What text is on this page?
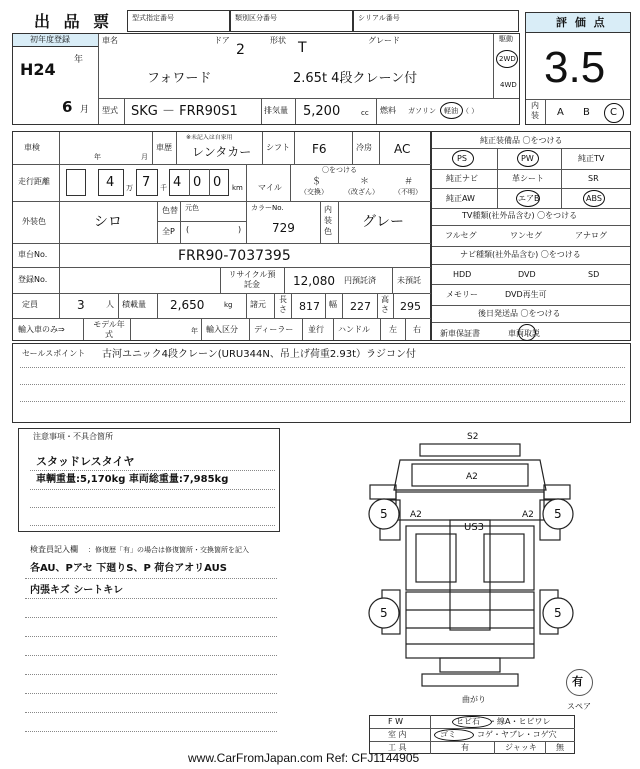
出 品 票	型式指定番号	類別区分番号	シリアル番号	評 価 点
3.5
内装 A B C
初年度登録
H24 年
6 月
車名	ドア
2
形状 T	グレード
フォワード	2.65t 4段クレーン付
駆動
2WD
4WD
型式 SKG － FRR90S1	排気量 5,200	cc 燃料 ガソリン 軽油 （ ）
車検
年	月
車歴
※未記入は自家用
レンタカー シフト F6	冷房 AC
走行距離	4 万 7 千 4 0 0 km マイル
〇をつける
＄	＊	＃
（交換） （改ざん） （不明）
外装色	シロ
色替
全P
元色
(	)
カラーNo.
729
内装色
グレー
車台No.	FRR90-7037395
登録No.
リサイクル預託金	12,080 円預託済	未預託
定員	3	人 積載量 2,650	kg 諸元
長さ 817 幅 227
高さ 295
輸入車のみ⇒
モデル年式	年 輸入区分 ディーラー 並行 ハンドル 左 右
純正装備品 〇をつける
PS	PW	純正TV
純正ナビ	革シート	SR
純正AW	エアB	ABS
TV種類(社外品含む) 〇をつける
フルセグ	ワンセグ	アナログ
ナビ種類(社外品含む) 〇をつける
HDD	DVD	SD
メモリー	DVD再生可
後日発送品 〇をつける
新車保証書	車両取説
セールスポイント 古河ユニック4段クレーン(URU344N、吊上げ荷重2.93t）ラジコン付
注意事項・不具合箇所
スタッドレスタイヤ
車輌重量:5,170kg 車両総重量:7,985kg
検査員記入欄 ：修復歴「有」の場合は修復箇所・交換箇所を記入
各AU、Pアセ 下廻りS、P 荷台アオリAUS
内張キズ シートキレ
S2
A2
A2	A2
US3
5	5
5	5
曲がり
有
スペア
F W	ヒビ石 ・線A・ヒビワレ
室 内	ゴミ	コゲ・ヤブレ・コゲ穴
工 具	有	ジャッキ 無
www.CarFromJapan.com Ref: CFJ1144905
